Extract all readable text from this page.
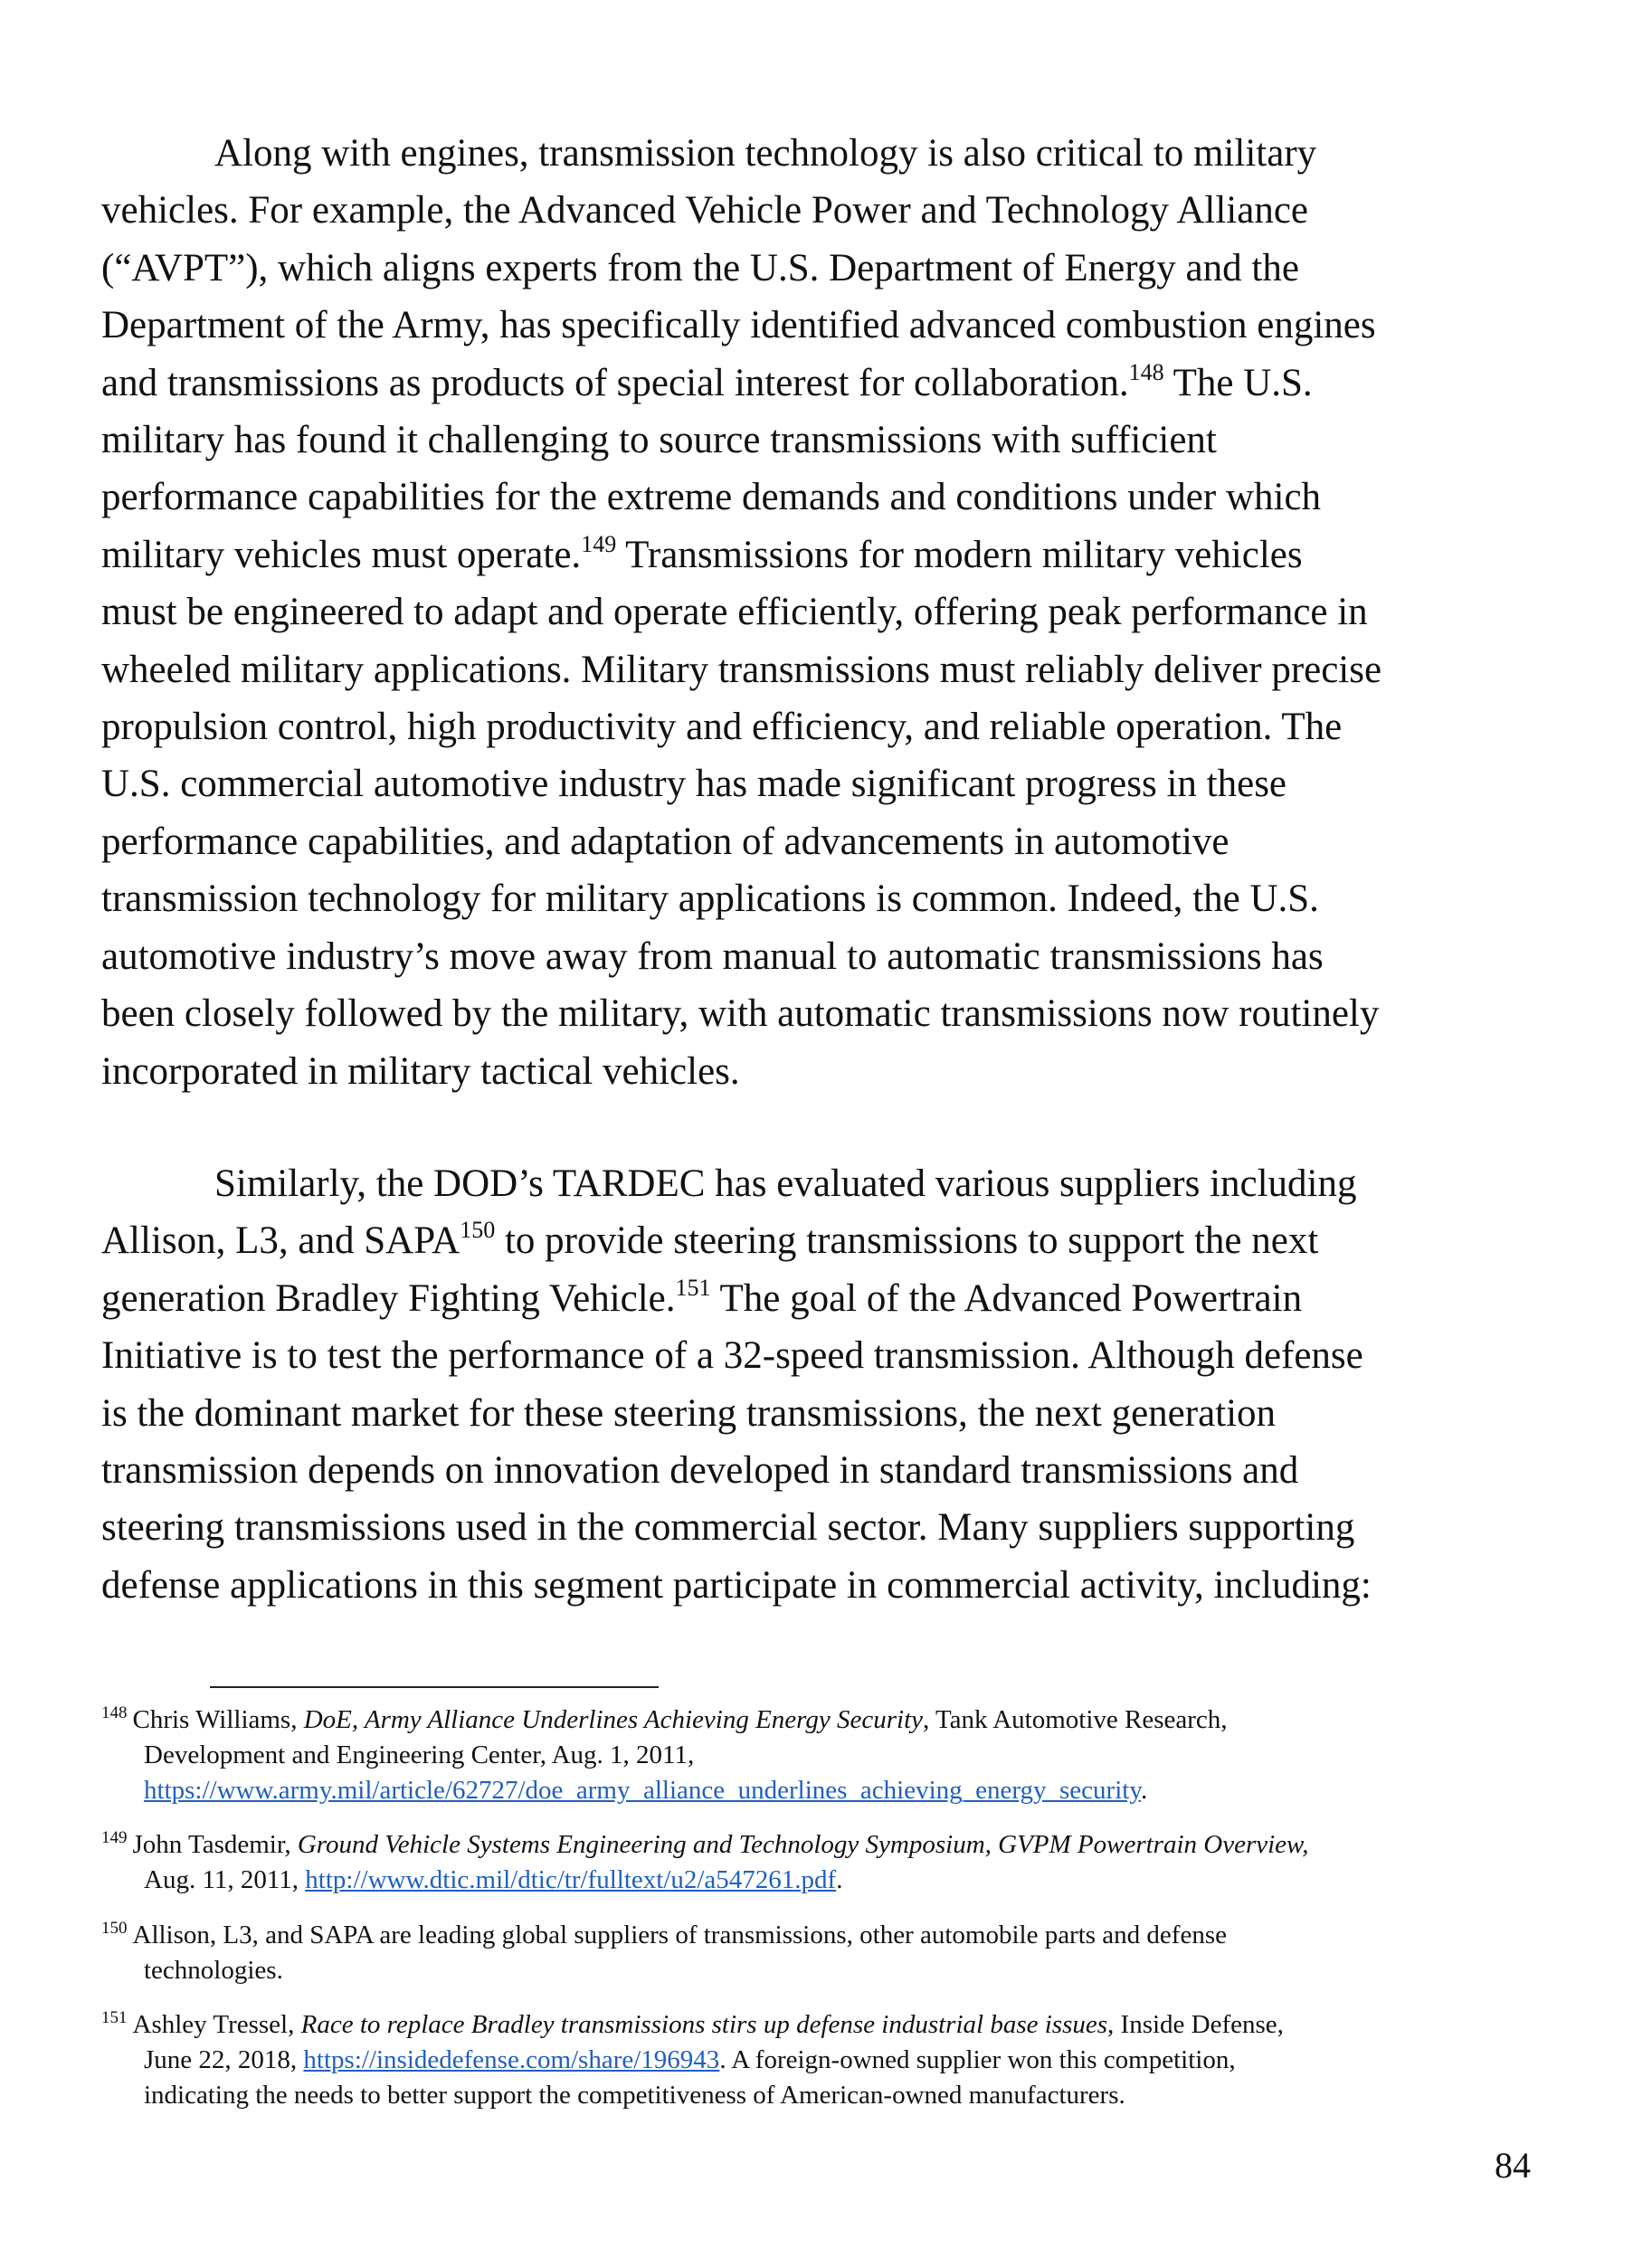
Along with engines, transmission technology is also critical to military
vehicles. For example, the Advanced Vehicle Power and Technology Alliance
(“AVPT”), which aligns experts from the U.S. Department of Energy and the
Department of the Army, has specifically identified advanced combustion engines
and transmissions as products of special interest for collaboration.$^{148}$ The U.S.
military has found it challenging to source transmissions with sufficient
performance capabilities for the extreme demands and conditions under which
military vehicles must operate.$^{149}$ Transmissions for modern military vehicles
must be engineered to adapt and operate efficiently, offering peak performance in
wheeled military applications. Military transmissions must reliably deliver precise
propulsion control, high productivity and efficiency, and reliable operation. The
U.S. commercial automotive industry has made significant progress in these
performance capabilities, and adaptation of advancements in automotive
transmission technology for military applications is common. Indeed, the U.S.
automotive industry’s move away from manual to automatic transmissions has
been closely followed by the military, with automatic transmissions now routinely
incorporated in military tactical vehicles.
Similarly, the DOD’s TARDEC has evaluated various suppliers including
Allison, L3, and SAPA$^{150}$ to provide steering transmissions to support the next
generation Bradley Fighting Vehicle.$^{151}$ The goal of the Advanced Powertrain
Initiative is to test the performance of a 32-speed transmission. Although defense
is the dominant market for these steering transmissions, the next generation
transmission depends on innovation developed in standard transmissions and
steering transmissions used in the commercial sector. Many suppliers supporting
defense applications in this segment participate in commercial activity, including:
$^{148}$ Chris Williams, DoE, Army Alliance Underlines Achieving Energy Security, Tank Automotive Research,
Development and Engineering Center, Aug. 1, 2011,
https://www.army.mil/article/62727/doe_army_alliance_underlines_achieving_energy_security.
$^{149}$ John Tasdemir, Ground Vehicle Systems Engineering and Technology Symposium, GVPM Powertrain Overview,
Aug. 11, 2011, http://www.dtic.mil/dtic/tr/fulltext/u2/a547261.pdf.
$^{150}$ Allison, L3, and SAPA are leading global suppliers of transmissions, other automobile parts and defense
technologies.
$^{151}$ Ashley Tressel, Race to replace Bradley transmissions stirs up defense industrial base issues, Inside Defense,
June 22, 2018, https://insidedefense.com/share/196943. A foreign-owned supplier won this competition,
indicating the needs to better support the competitiveness of American-owned manufacturers.
84
